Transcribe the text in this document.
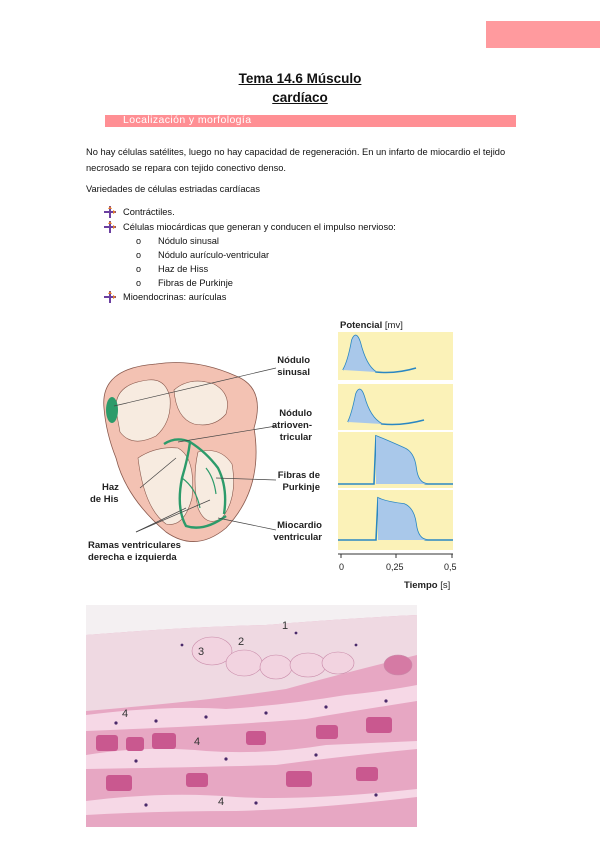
Tema 14.6 Músculo
cardíaco
Localización y morfología
No hay células satélites, luego no hay capacidad de regeneración. En un infarto de miocardio el tejido necrosado se repara con tejido conectivo denso.
Variedades de células estriadas cardíacas
Contráctiles.
Células miocárdicas que generan y conducen el impulso nervioso:
o Nódulo sinusal
o Nódulo aurículo-ventricular
o Haz de Hiss
o Fibras de Purkinje
Mioendocrinas: aurículas
0	0,25	0,5
Tiempo [s]
Potencial [mv]
Nódulo
sinusal
Nódulo
atrioven-
tricular
Fibras de
Purkinje
Miocardio
ventricular
Haz
de His
Ramas ventriculares
derecha e izquierda
1
2
3
4
4
4
